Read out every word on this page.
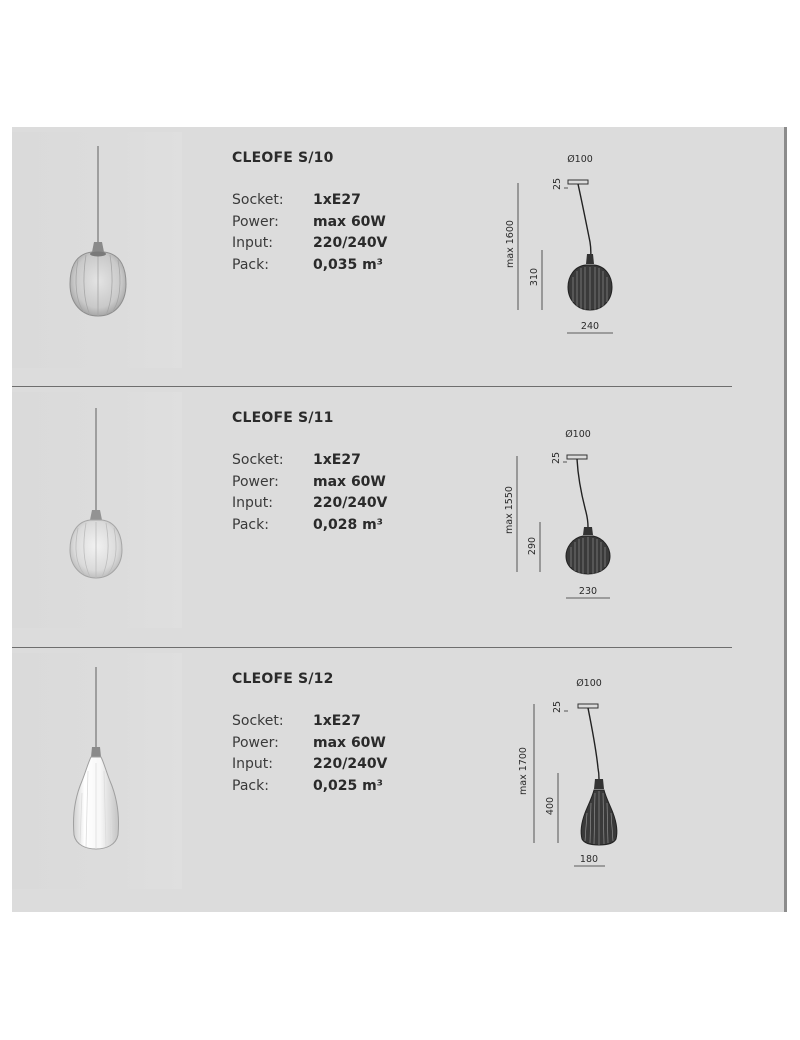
CLEOFE S/10
Socket: 1xE27
Power: max 60W
Input:	220/240V
Pack:	0,035 m³
Ø100
25
max 1600
310
240
CLEOFE S/11
Socket: 1xE27
Power: max 60W
Input:	220/240V
Pack:	0,028 m³
Ø100
25
max 1550
290
230
CLEOFE S/12
Socket: 1xE27
Power: max 60W
Input:	220/240V
Pack:	0,025 m³
Ø100
25
max 1700
400
180
